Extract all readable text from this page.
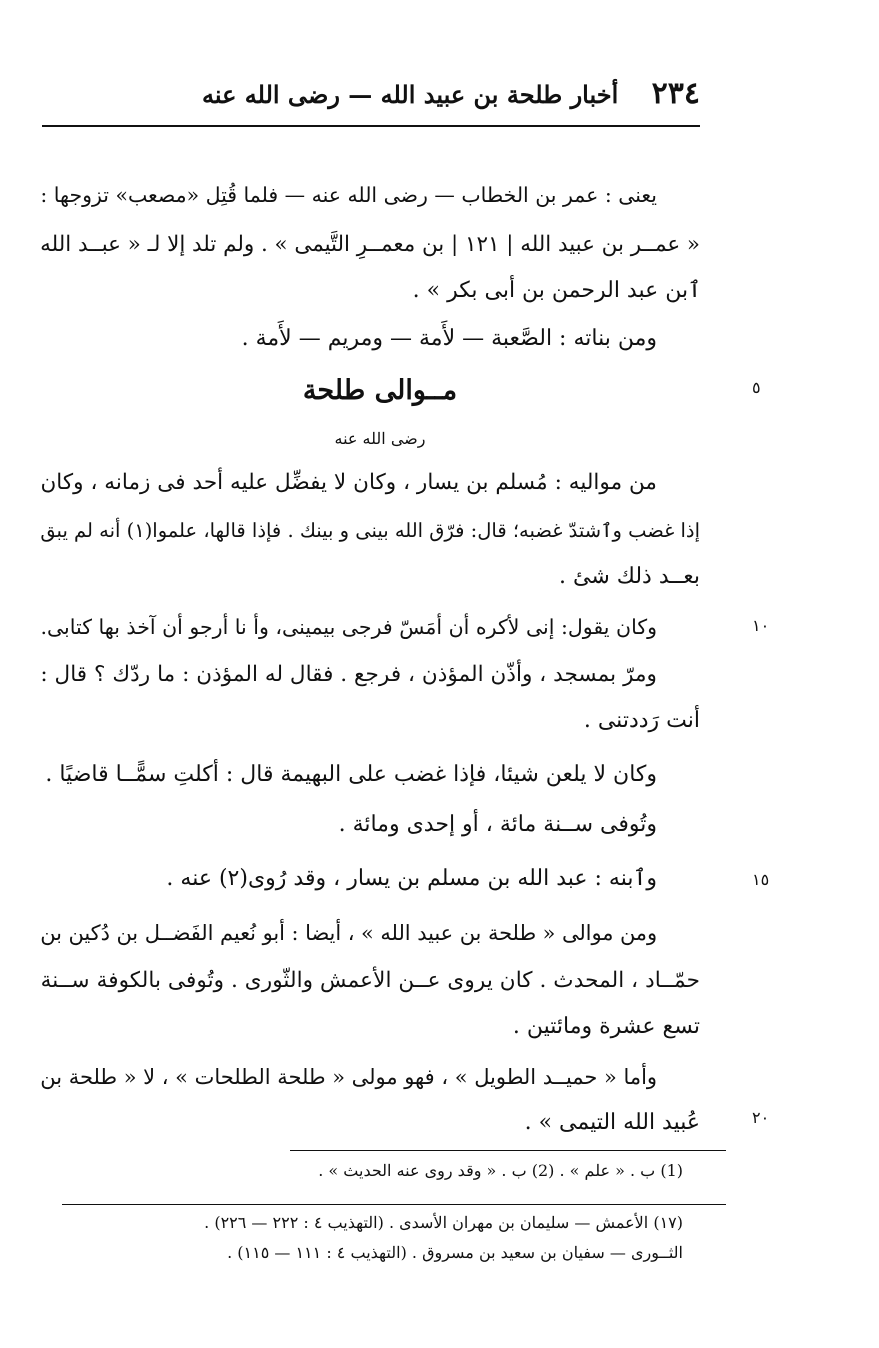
أخبار طلحة بن عبيد الله — رضى الله عنه ٢٣٤
يعنى : عمر بن الخطاب — رضى الله عنه — فلما قُتِل «مصعب» تزوجها :
« عمــر بن عبيد الله | ١٢١ | بن معمــرِ التَّيمى » . ولم تلد إلا لـ « عبــد الله
ٱبن عبد الرحمن بن أبى بكر » .
ومن بناته : الصَّعبة — لأَمة — ومريم — لأَمة .
مــوالى طلحة
رضى الله عنه
من مواليه : مُسلم بن يسار ، وكان لا يفضِّل عليه أحد فى زمانه ، وكان
إذا غضب وٱشتدّ غضبه؛ قال: فرّق الله بينى و بينك . فإذا قالها، علموا(١) أنه لم يبق
بعــد ذلك شئ .
وكان يقول: إنى لأكره أن أمَسّ فرجى بيمينى، وأ نا أرجو أن آخذ بها كتابى.
ومرّ بمسجد ، وأذّن المؤذن ، فرجع . فقال له المؤذن : ما ردّك ؟ قال :
أنت رَددتنى .
وكان لا يلعن شيئا، فإذا غضب على البهيمة قال : أكلتِ سمًّــا قاضيًا .
وتُوفى ســنة مائة ، أو إحدى ومائة .
وٱبنه : عبد الله بن مسلم بن يسار ، وقد رُوى(٢) عنه .
ومن موالى « طلحة بن عبيد الله » ، أيضا : أبو نُعيم الفَضــل بن دُكين بن
حمّــاد ، المحدث . كان يروى عــن الأعمش والثّورى . وتُوفى بالكوفة ســنة
تسع عشرة ومائتين .
وأما « حميــد الطويل » ، فهو مولى « طلحة الطلحات » ، لا « طلحة بن
عُبيد الله التيمى » .
٥
١٠
١٥
٢٠
(1) ب . « علم » . (2) ب . « وقد روى عنه الحديث » .
(١٧) الأعمش — سليمان بن مهران الأسدى . (التهذيب ٤ : ٢٢٢ — ٢٢٦) .
الثــورى — سفيان بن سعيد بن مسروق . (التهذيب ٤ : ١١١ — ١١٥) .
